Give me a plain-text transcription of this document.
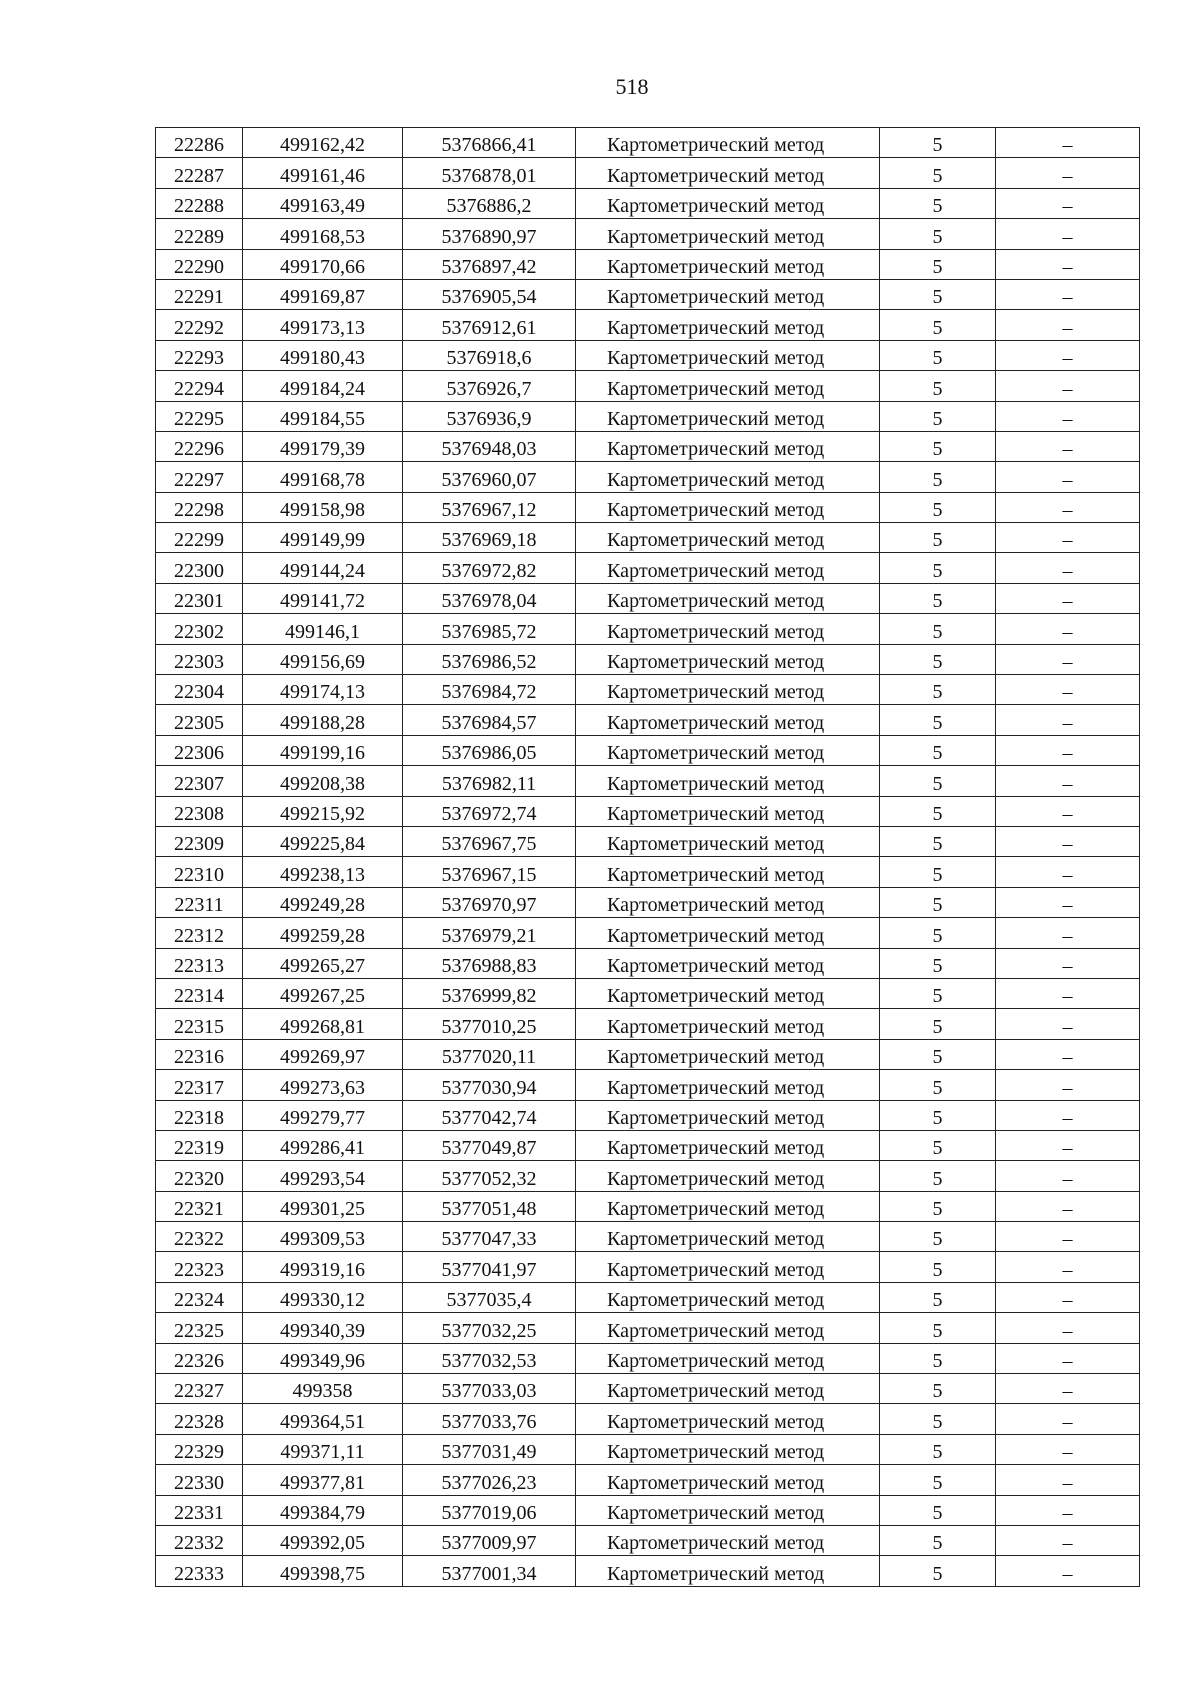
518
22286	499162,42	5376866,41	Картометрический метод	5	–
22287	499161,46	5376878,01	Картометрический метод	5	–
22288	499163,49	5376886,2	Картометрический метод	5	–
22289	499168,53	5376890,97	Картометрический метод	5	–
22290	499170,66	5376897,42	Картометрический метод	5	–
22291	499169,87	5376905,54	Картометрический метод	5	–
22292	499173,13	5376912,61	Картометрический метод	5	–
22293	499180,43	5376918,6	Картометрический метод	5	–
22294	499184,24	5376926,7	Картометрический метод	5	–
22295	499184,55	5376936,9	Картометрический метод	5	–
22296	499179,39	5376948,03	Картометрический метод	5	–
22297	499168,78	5376960,07	Картометрический метод	5	–
22298	499158,98	5376967,12	Картометрический метод	5	–
22299	499149,99	5376969,18	Картометрический метод	5	–
22300	499144,24	5376972,82	Картометрический метод	5	–
22301	499141,72	5376978,04	Картометрический метод	5	–
22302	499146,1	5376985,72	Картометрический метод	5	–
22303	499156,69	5376986,52	Картометрический метод	5	–
22304	499174,13	5376984,72	Картометрический метод	5	–
22305	499188,28	5376984,57	Картометрический метод	5	–
22306	499199,16	5376986,05	Картометрический метод	5	–
22307	499208,38	5376982,11	Картометрический метод	5	–
22308	499215,92	5376972,74	Картометрический метод	5	–
22309	499225,84	5376967,75	Картометрический метод	5	–
22310	499238,13	5376967,15	Картометрический метод	5	–
22311	499249,28	5376970,97	Картометрический метод	5	–
22312	499259,28	5376979,21	Картометрический метод	5	–
22313	499265,27	5376988,83	Картометрический метод	5	–
22314	499267,25	5376999,82	Картометрический метод	5	–
22315	499268,81	5377010,25	Картометрический метод	5	–
22316	499269,97	5377020,11	Картометрический метод	5	–
22317	499273,63	5377030,94	Картометрический метод	5	–
22318	499279,77	5377042,74	Картометрический метод	5	–
22319	499286,41	5377049,87	Картометрический метод	5	–
22320	499293,54	5377052,32	Картометрический метод	5	–
22321	499301,25	5377051,48	Картометрический метод	5	–
22322	499309,53	5377047,33	Картометрический метод	5	–
22323	499319,16	5377041,97	Картометрический метод	5	–
22324	499330,12	5377035,4	Картометрический метод	5	–
22325	499340,39	5377032,25	Картометрический метод	5	–
22326	499349,96	5377032,53	Картометрический метод	5	–
22327	499358	5377033,03	Картометрический метод	5	–
22328	499364,51	5377033,76	Картометрический метод	5	–
22329	499371,11	5377031,49	Картометрический метод	5	–
22330	499377,81	5377026,23	Картометрический метод	5	–
22331	499384,79	5377019,06	Картометрический метод	5	–
22332	499392,05	5377009,97	Картометрический метод	5	–
22333	499398,75	5377001,34	Картометрический метод	5	–
